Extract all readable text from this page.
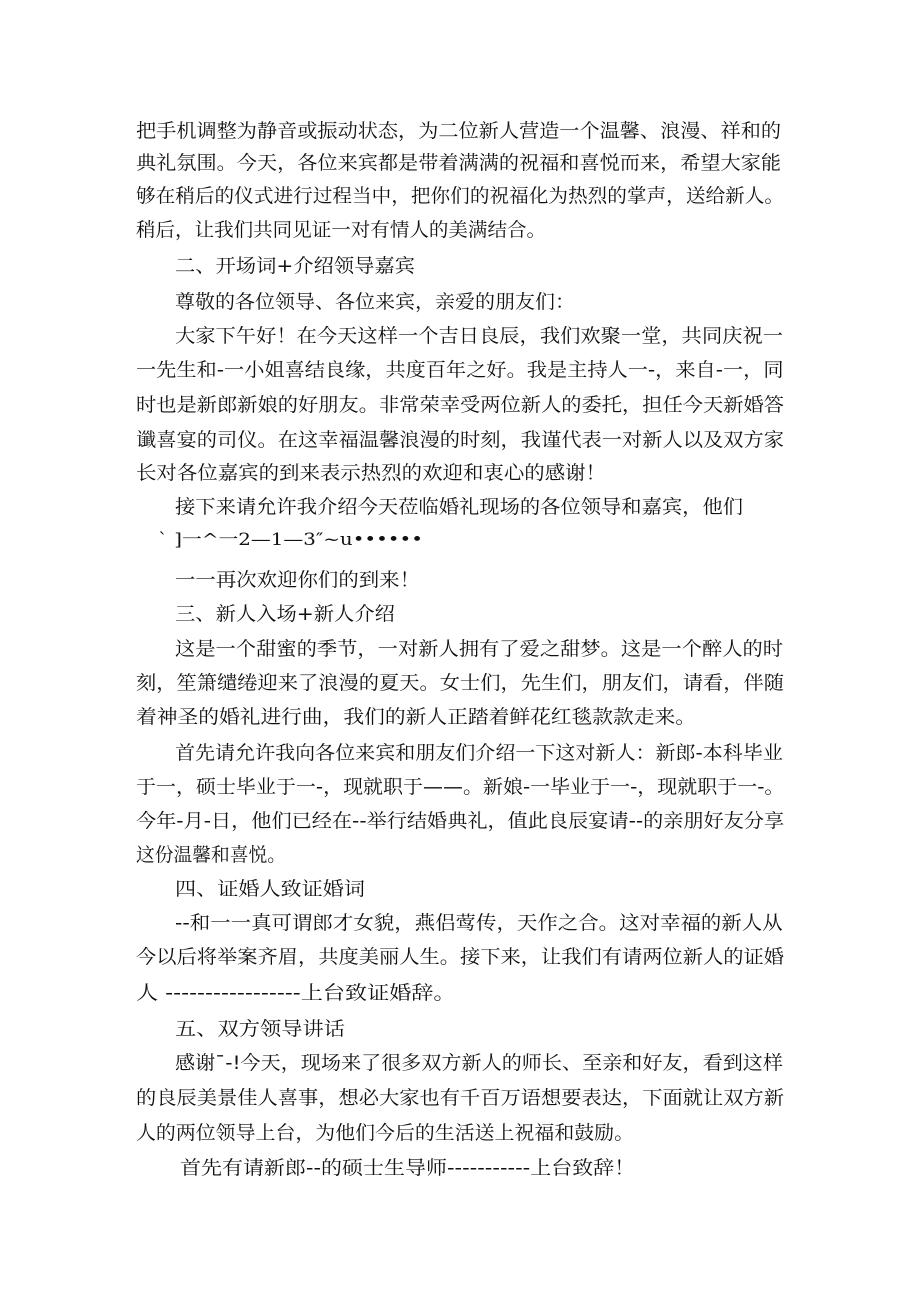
把手机调整为静音或振动状态，为二位新人营造一个温馨、浪漫、祥和的
典礼氛围。今天，各位来宾都是带着满满的祝福和喜悦而来，希望大家能
够在稍后的仪式进行过程当中，把你们的祝福化为热烈的掌声，送给新人。
稍后，让我们共同见证一对有情人的美满结合。
二、开场词+介绍领导嘉宾
尊敬的各位领导、各位来宾，亲爱的朋友们：
大家下午好！在今天这样一个吉日良辰，我们欢聚一堂，共同庆祝一
一先生和-一小姐喜结良缘，共度百年之好。我是主持人一-，来自-一，同
时也是新郎新娘的好朋友。非常荣幸受两位新人的委托，担任今天新婚答
谶喜宴的司仪。在这幸福温馨浪漫的时刻，我谨代表一对新人以及双方家
长对各位嘉宾的到来表示热烈的欢迎和衷心的感谢！
接下来请允许我介绍今天莅临婚礼现场的各位领导和嘉宾，他们
ˋ ]一^一2—1—3″~u••••••
一一再次欢迎你们的到来！
三、新人入场+新人介绍
这是一个甜蜜的季节，一对新人拥有了爱之甜梦。这是一个醉人的时
刻，笙箫缱绻迎来了浪漫的夏天。女士们，先生们，朋友们，请看，伴随
着神圣的婚礼进行曲，我们的新人正踏着鲜花红毯款款走来。
首先请允许我向各位来宾和朋友们介绍一下这对新人：新郎-本科毕业
于一，硕士毕业于一-，现就职于——。新娘-一毕业于一-，现就职于一-。
今年-月-日，他们已经在--举行结婚典礼，值此良辰宴请--的亲朋好友分享
这份温馨和喜悦。
四、证婚人致证婚词
--和一一真可谓郎才女貌，燕侣莺传，天作之合。这对幸福的新人从
今以后将举案齐眉，共度美丽人生。接下来，让我们有请两位新人的证婚
人 -----------------上台致证婚辞。
五、双方领导讲话
感谢ˉ-!今天，现场来了很多双方新人的师长、至亲和好友，看到这样
的良辰美景佳人喜事，想必大家也有千百万语想要表达，下面就让双方新
人的两位领导上台，为他们今后的生活送上祝福和鼓励。
首先有请新郎--的硕士生导师-----------上台致辞！
